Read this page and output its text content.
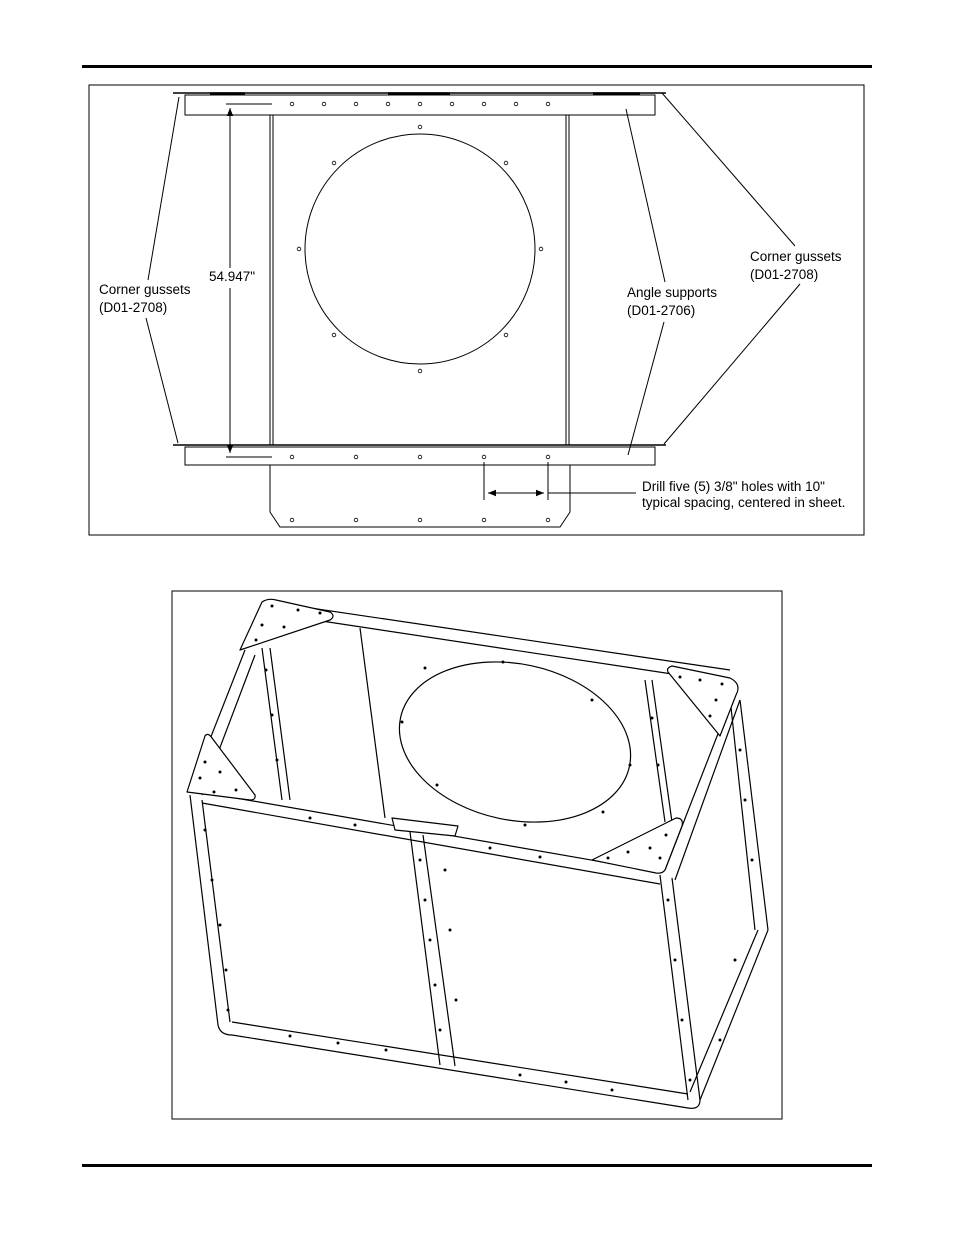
54.947"
Corner gussets
(D01-2708)
Corner gussets
(D01-2708)
Angle supports
(D01-2706)
Drill five (5) 3/8" holes with 10"
typical spacing, centered in sheet.
